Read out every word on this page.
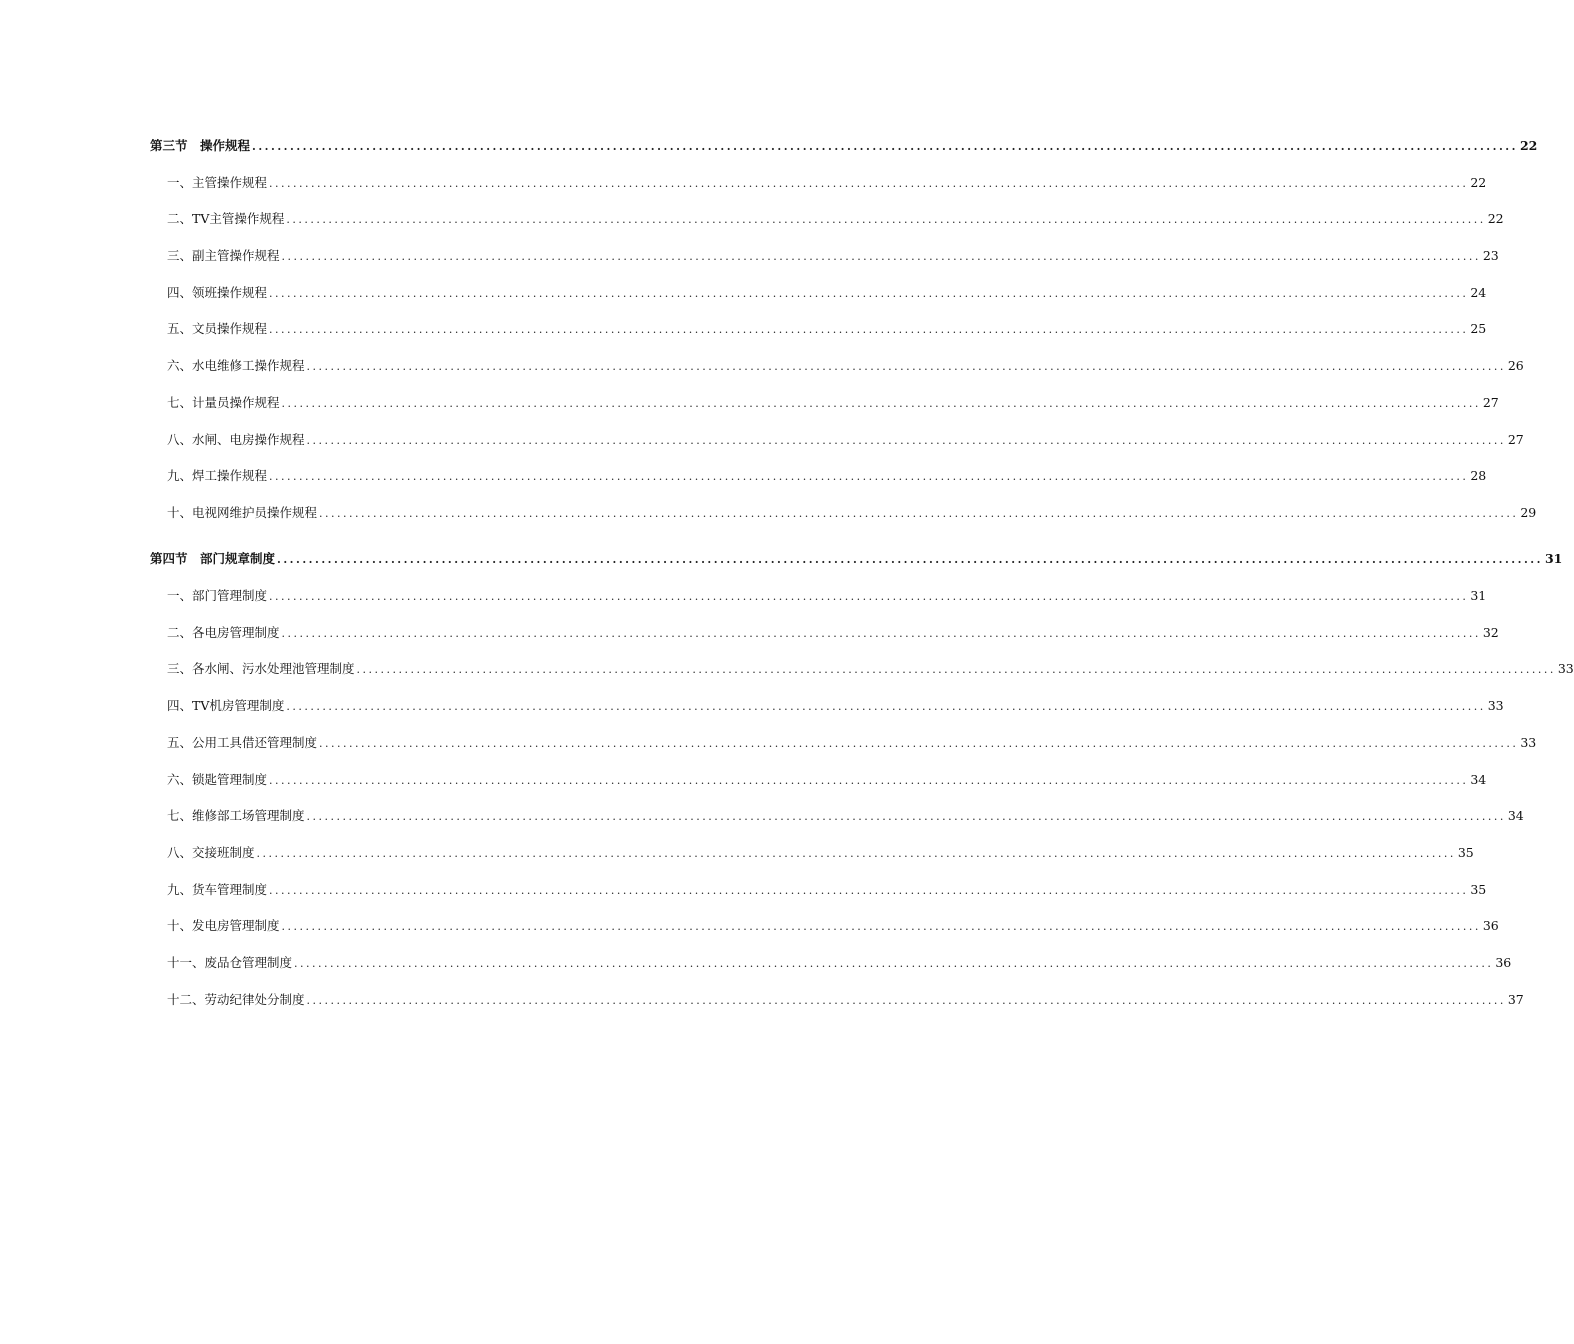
第三节　操作规程 ........................................................................................................................................................................................................ 22
一、主管操作规程 ........................................................................................................................................................................................................ 22
二、TV主管操作规程 ........................................................................................................................................................................................................ 22
三、副主管操作规程 ........................................................................................................................................................................................................ 23
四、领班操作规程 ........................................................................................................................................................................................................ 24
五、文员操作规程 ........................................................................................................................................................................................................ 25
六、水电维修工操作规程 ........................................................................................................................................................................................................ 26
七、计量员操作规程 ........................................................................................................................................................................................................ 27
八、水闸、电房操作规程 ........................................................................................................................................................................................................ 27
九、焊工操作规程 ........................................................................................................................................................................................................ 28
十、电视网维护员操作规程 ........................................................................................................................................................................................................ 29
第四节　部门规章制度 ........................................................................................................................................................................................................ 31
一、部门管理制度 ........................................................................................................................................................................................................ 31
二、各电房管理制度 ........................................................................................................................................................................................................ 32
三、各水闸、污水处理池管理制度 ........................................................................................................................................................................................................ 33
四、TV机房管理制度 ........................................................................................................................................................................................................ 33
五、公用工具借还管理制度 ........................................................................................................................................................................................................ 33
六、锁匙管理制度 ........................................................................................................................................................................................................ 34
七、维修部工场管理制度 ........................................................................................................................................................................................................ 34
八、交接班制度 ........................................................................................................................................................................................................ 35
九、货车管理制度 ........................................................................................................................................................................................................ 35
十、发电房管理制度 ........................................................................................................................................................................................................ 36
十一、废品仓管理制度 ........................................................................................................................................................................................................ 36
十二、劳动纪律处分制度 ........................................................................................................................................................................................................ 37
